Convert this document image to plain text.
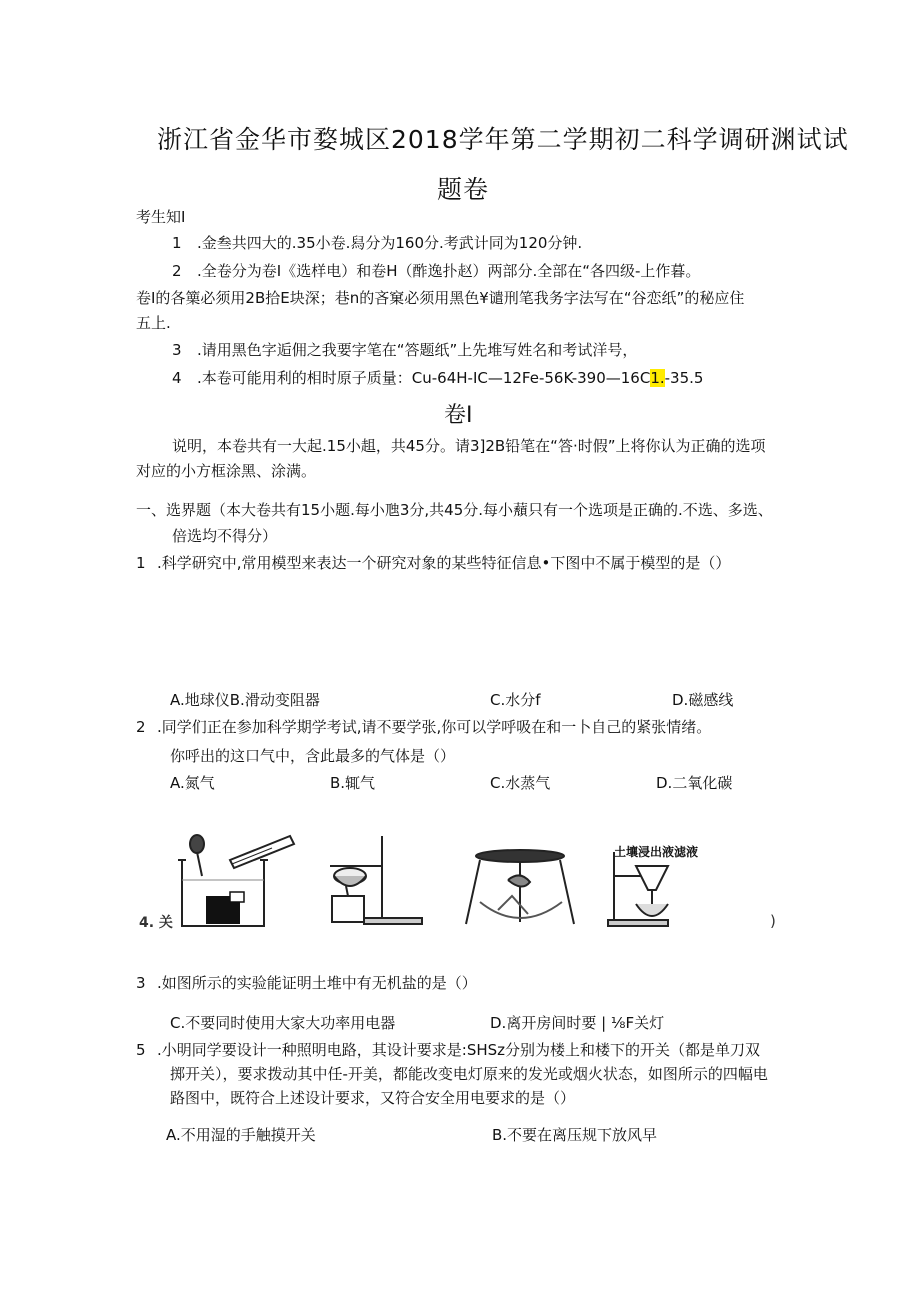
浙江省金华市婺城区2018学年第二学期初二科学调研渊试试
题卷
考生知I
1 .金叁共四大的.35小卷.舄分为160分.考武计同为120分钟.
2 .全卷分为卷I《选样电）和卷H（酢逸扑赵）两部分.全部在“各四级-上作暮。
卷I的各篥必须用2B拾E块深；巷n的吝窠必须用黑色¥谴刑笔我务字法写在“谷恋纸”的秘应住
五上.
3 .请用黑色字逅佣之我要字笔在“答题纸”上先堆写姓名和考试洋号，
4 .本卷可能用利的相时原子质量：Cu-64H-IC—12Fe-56K-390—16C1.-35.5
卷I
说明，本卷共有一大起.15小趄，共45分。请3]2B铅笔在“答·时假”上将你认为正确的选项
对应的小方框涂黑、涂满。
一、选界题（本大卷共有15小题.每小虺3分,共45分.每小蘈只有一个选项是正确的.不选、多选、
倍选均不得分）
1 .科学研究中,常用模型来表达一个研究对象的某些特征信息•下图中不属于模型的是（）
A.地球仪B.滑动变阻器	C.水分f	D.磁感线
2 .同学们正在参加科学期学考试,请不要学张,你可以学呼吸在和一卜自己的紧张情绪。
你呼出的这口气中，含此最多的气体是（）
A.氮气	B.辄气	C.水蒸气	D.二氧化碳
4. 关	)
土壤浸出液滤液
3 .如图所示的实验能证明土堆中有无机盐的是（）
C.不要同时使用大家大功率用电器	D.离开房间时要 | ⅛F关灯
5 .小明同学要设计一种照明电路，其设计要求是:SHSz分别为楼上和楼下的开关（都是单刀双
掷开关），要求拨动其中任-开美，都能改变电灯原来的发光或烟火状态，如图所示的四幅电
路图中，既符合上述设计要求，又符合安全用电要求的是（）
A.不用湿的手触摸开关	B.不要在离压规下放风早
